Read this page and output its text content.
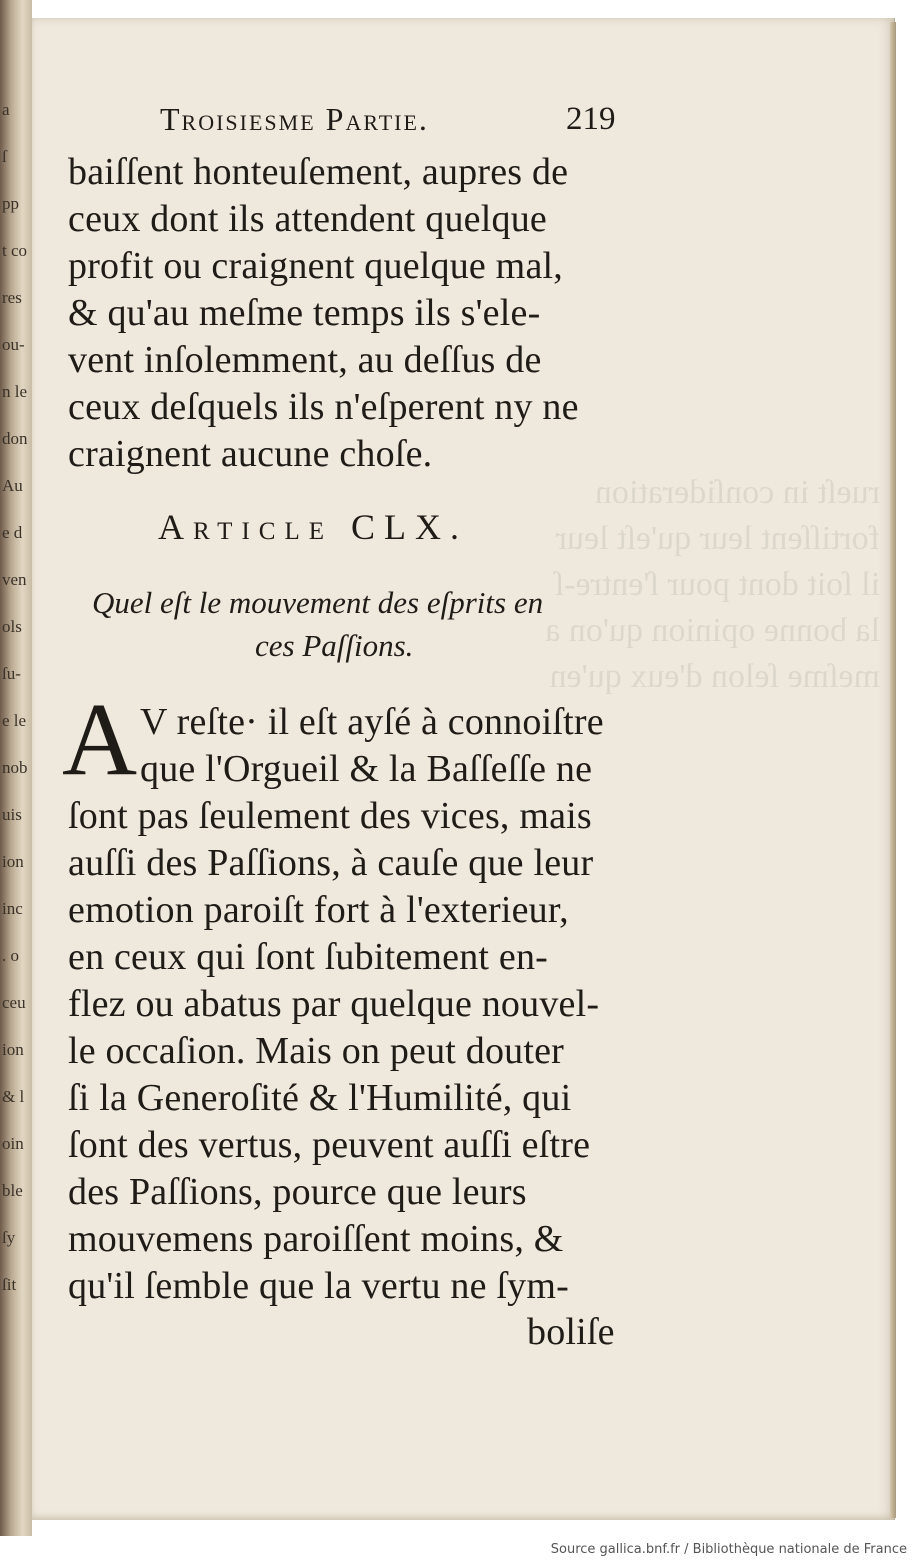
a
ſ
pp
t co
res
ou-
n le
don
Au
e d
ven
ols
ſu-
e le
nob
uis
ion
inc
. o
ceu
ion
& l
oin
ble
ſy
ſit

Troisiesme Partie.	219
baiſſent honteuſement, aupres de
ceux dont ils attendent quelque
profit ou craignent quelque mal,
& qu'au meſme temps ils s'ele-
vent inſolemment, au deſſus de
ceux deſquels ils n'eſperent ny ne
craignent aucune choſe.
Article CLX.
Quel eſt le mouvement des eſprits en
ces Paſſions.
A V reſte· il eſt ayſé à connoiſtre
que l'Orgueil & la Baſſeſſe ne
ſont pas ſeulement des vices, mais
auſſi des Paſſions, à cauſe que leur
emotion paroiſt fort à l'exterieur,
en ceux qui ſont ſubitement en-
flez ou abatus par quelque nouvel-
le occaſion. Mais on peut douter
ſi la Generoſité & l'Humilité, qui
ſont des vertus, peuvent auſſi eſtre
des Paſſions, pource que leurs
mouvemens paroiſſent moins, &
qu'il ſemble que la vertu ne ſym-
boliſe
Source gallica.bnf.fr / Bibliothèque nationale de France
